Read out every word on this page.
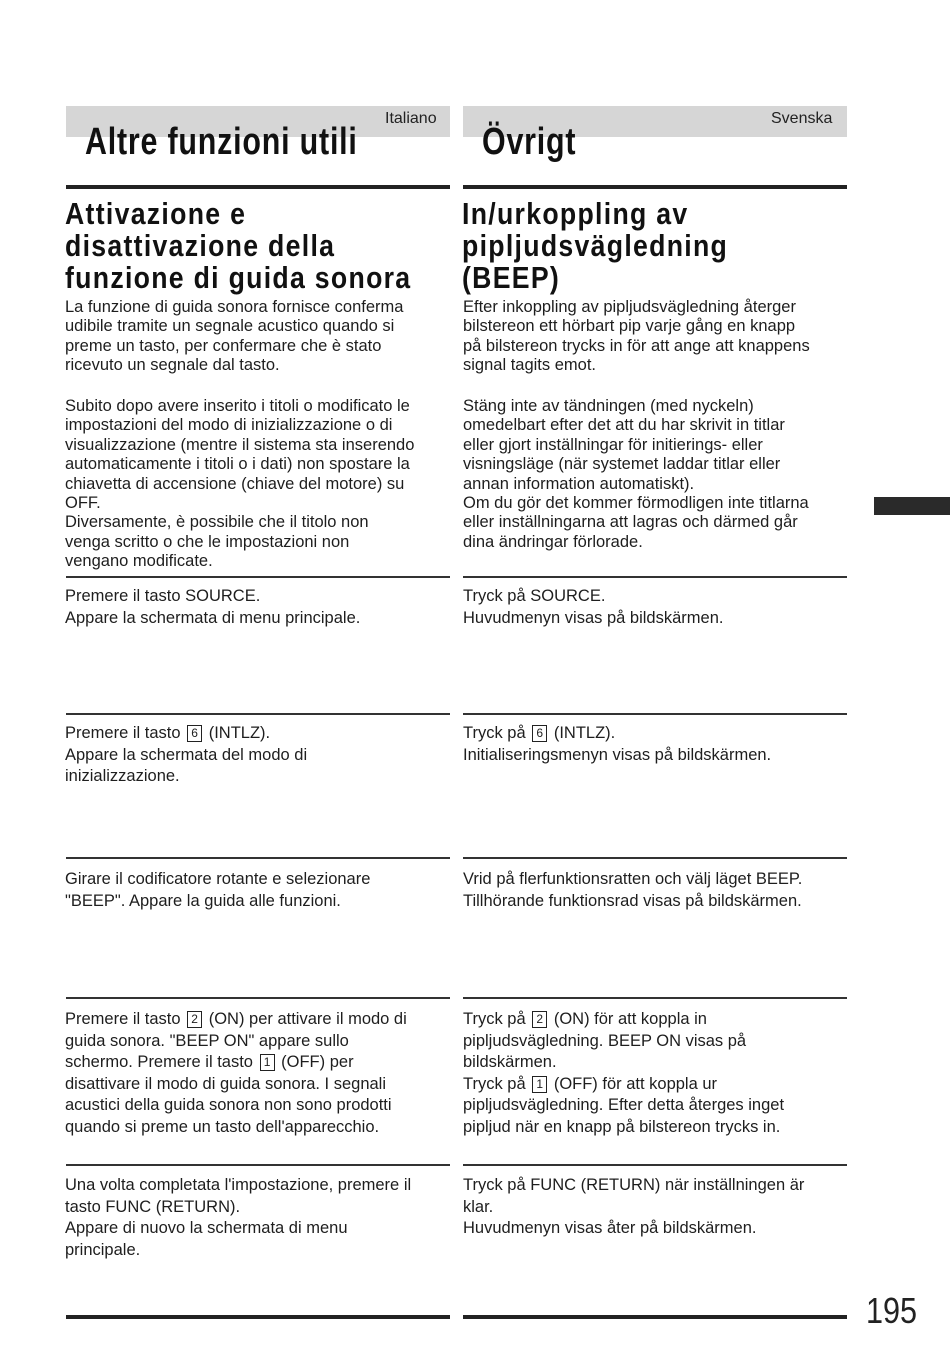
Italiano	Svenska
Altre funzioni utili	Övrigt
Attivazione e
disattivazione della
funzione di guida sonora
In/urkoppling av
pipljudsvägledning
(BEEP)
La funzione di guida sonora fornisce conferma
udibile tramite un segnale acustico quando si
preme un tasto, per confermare che è stato
ricevuto un segnale dal tasto.
Efter inkoppling av pipljudsvägledning återger
bilstereon ett hörbart pip varje gång en knapp
på bilstereon trycks in för att ange att knappens
signal tagits emot.
Subito dopo avere inserito i titoli o modificato le
impostazioni del modo di inizializzazione o di
visualizzazione (mentre il sistema sta inserendo
automaticamente i titoli o i dati) non spostare la
chiavetta di accensione (chiave del motore) su
OFF.
Diversamente, è possibile che il titolo non
venga scritto o che le impostazioni non
vengano modificate.
Stäng inte av tändningen (med nyckeln)
omedelbart efter det att du har skrivit in titlar
eller gjort inställningar för initierings- eller
visningsläge (när systemet laddar titlar eller
annan information automatiskt).
Om du gör det kommer förmodligen inte titlarna
eller inställningarna att lagras och därmed går
dina ändringar förlorade.
Premere il tasto SOURCE.
Appare la schermata di menu principale.
Tryck på SOURCE.
Huvudmenyn visas på bildskärmen.
Premere il tasto 6 (INTLZ).
Appare la schermata del modo di
inizializzazione.
Tryck på 6 (INTLZ).
Initialiseringsmenyn visas på bildskärmen.
Girare il codificatore rotante e selezionare
"BEEP". Appare la guida alle funzioni.
Vrid på flerfunktionsratten och välj läget BEEP.
Tillhörande funktionsrad visas på bildskärmen.
Premere il tasto 2 (ON) per attivare il modo di
guida sonora. "BEEP ON" appare sullo
schermo. Premere il tasto 1 (OFF) per
disattivare il modo di guida sonora. I segnali
acustici della guida sonora non sono prodotti
quando si preme un tasto dell'apparecchio.
Tryck på 2 (ON) för att koppla in
pipljudsvägledning. BEEP ON visas på
bildskärmen.
Tryck på 1 (OFF) för att koppla ur
pipljudsvägledning. Efter detta återges inget
pipljud när en knapp på bilstereon trycks in.
Una volta completata l'impostazione, premere il
tasto FUNC (RETURN).
Appare di nuovo la schermata di menu
principale.
Tryck på FUNC (RETURN) när inställningen är
klar.
Huvudmenyn visas åter på bildskärmen.
195
